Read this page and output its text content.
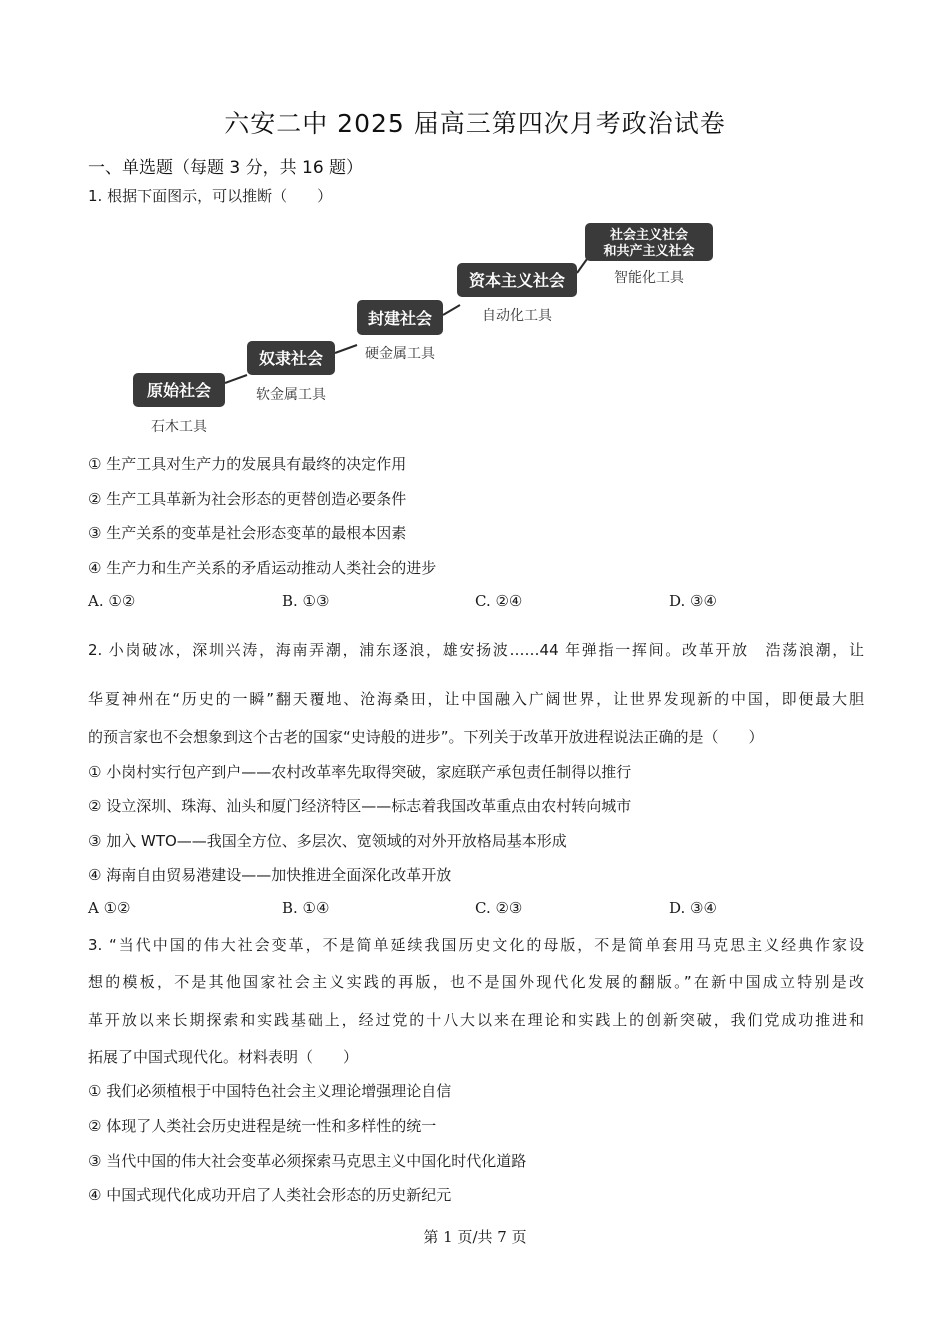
六安二中 2025 届高三第四次月考政治试卷
一、单选题（每题 3 分，共 16 题）
1. 根据下面图示，可以推断（　　）
原始社会
石木工具
奴隶社会
软金属工具
封建社会
硬金属工具
资本主义社会
自动化工具
社会主义社会
和共产主义社会
智能化工具
① 生产工具对生产力的发展具有最终的决定作用
② 生产工具革新为社会形态的更替创造必要条件
③ 生产关系的变革是社会形态变革的最根本因素
④ 生产力和生产关系的矛盾运动推动人类社会的进步
A. ①②	B. ①③	C. ②④	D. ③④
2. 小岗破冰，深圳兴涛，海南弄潮，浦东逐浪，雄安扬波……44 年弹指一挥间。改革开放　浩荡浪潮，让
华夏神州在“历史的一瞬”翻天覆地、沧海桑田，让中国融入广阔世界，让世界发现新的中国，即便最大胆
的预言家也不会想象到这个古老的国家“史诗般的进步”。下列关于改革开放进程说法正确的是（　　）
① 小岗村实行包产到户——农村改革率先取得突破，家庭联产承包责任制得以推行
② 设立深圳、珠海、汕头和厦门经济特区——标志着我国改革重点由农村转向城市
③ 加入 WTO——我国全方位、多层次、宽领域的对外开放格局基本形成
④ 海南自由贸易港建设——加快推进全面深化改革开放
A ①②	B. ①④	C. ②③	D. ③④
3. “当代中国的伟大社会变革，不是简单延续我国历史文化的母版，不是简单套用马克思主义经典作家设
想的模板，不是其他国家社会主义实践的再版，也不是国外现代化发展的翻版。”在新中国成立特别是改
革开放以来长期探索和实践基础上，经过党的十八大以来在理论和实践上的创新突破，我们党成功推进和
拓展了中国式现代化。材料表明（　　）
① 我们必须植根于中国特色社会主义理论增强理论自信
② 体现了人类社会历史进程是统一性和多样性的统一
③ 当代中国的伟大社会变革必须探索马克思主义中国化时代化道路
④ 中国式现代化成功开启了人类社会形态的历史新纪元
第 1 页/共 7 页
